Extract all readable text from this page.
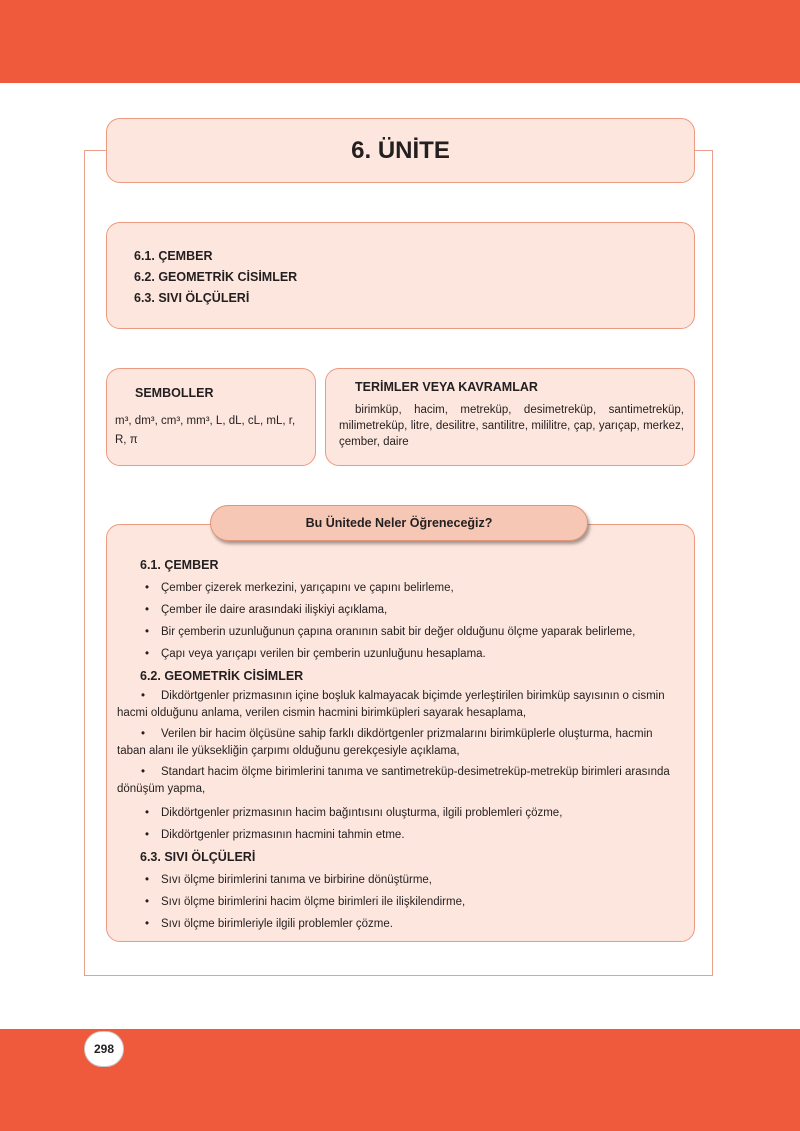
6. ÜNİTE
6.1. ÇEMBER
6.2. GEOMETRİK CİSİMLER
6.3. SIVI ÖLÇÜLERİ
SEMBOLLER
m³, dm³, cm³, mm³, L, dL, cL, mL, r, R, π
TERİMLER VEYA KAVRAMLAR
birimküp, hacim, metreküp, desimetreküp, santimetreküp, milimetreküp, litre, desilitre, santilitre, mililitre, çap, yarıçap, merkez, çember, daire
6.1. ÇEMBER
•	Çember çizerek merkezini, yarıçapını ve çapını belirleme,
•	Çember ile daire arasındaki ilişkiyi açıklama,
•	Bir çemberin uzunluğunun çapına oranının sabit bir değer olduğunu ölçme yaparak belirleme,
•	Çapı veya yarıçapı verilen bir çemberin uzunluğunu hesaplama.
6.2. GEOMETRİK CİSİMLER

• Dikdörtgenler prizmasının içine boşluk kalmayacak biçimde yerleştirilen birimküp sayısının o cismin hacmi olduğunu anlama, verilen cismin hacmini birimküpleri sayarak hesaplama,

• Verilen bir hacim ölçüsüne sahip farklı dikdörtgenler prizmalarını birimküplerle oluşturma, hacmin taban alanı ile yüksekliğin çarpımı olduğunu gerekçesiyle açıklama,

• Standart hacim ölçme birimlerini tanıma ve santimetreküp-desimetreküp-metreküp birimleri arasında dönüşüm yapma,

•	Dikdörtgenler prizmasının hacim bağıntısını oluşturma, ilgili problemleri çözme,
•	Dikdörtgenler prizmasının hacmini tahmin etme.
6.3. SIVI ÖLÇÜLERİ
•	Sıvı ölçme birimlerini tanıma ve birbirine dönüştürme,
•	Sıvı ölçme birimlerini hacim ölçme birimleri ile ilişkilendirme,
•	Sıvı ölçme birimleriyle ilgili problemler çözme.
Bu Ünitede Neler Öğreneceğiz?
298
